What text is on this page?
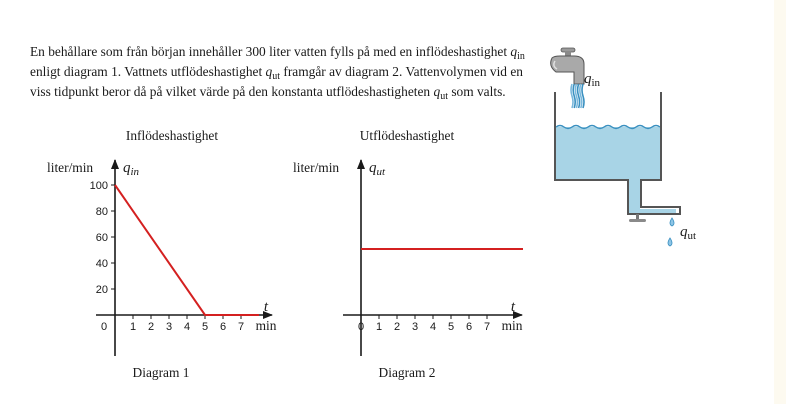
En behållare som från början innehåller 300 liter vatten fylls på med en inflödeshastighet $q_{in}$ enligt diagram 1. Vattnets utflödeshastighet $q_{ut}$ framgår av diagram 2. Vattenvolymen vid en viss tidpunkt beror då på vilket värde på den konstanta utflödeshastigheten $q_{ut}$ som valts.
Inflödeshastighet
liter/min qin
0
t
min
20
40
60
80
100
1 2 3 4 5 6 7
Diagram 1
Utflödeshastighet
liter/min qut
t
min
0 1 2 3 4 5 6 7
Diagram 2
qin
qut
